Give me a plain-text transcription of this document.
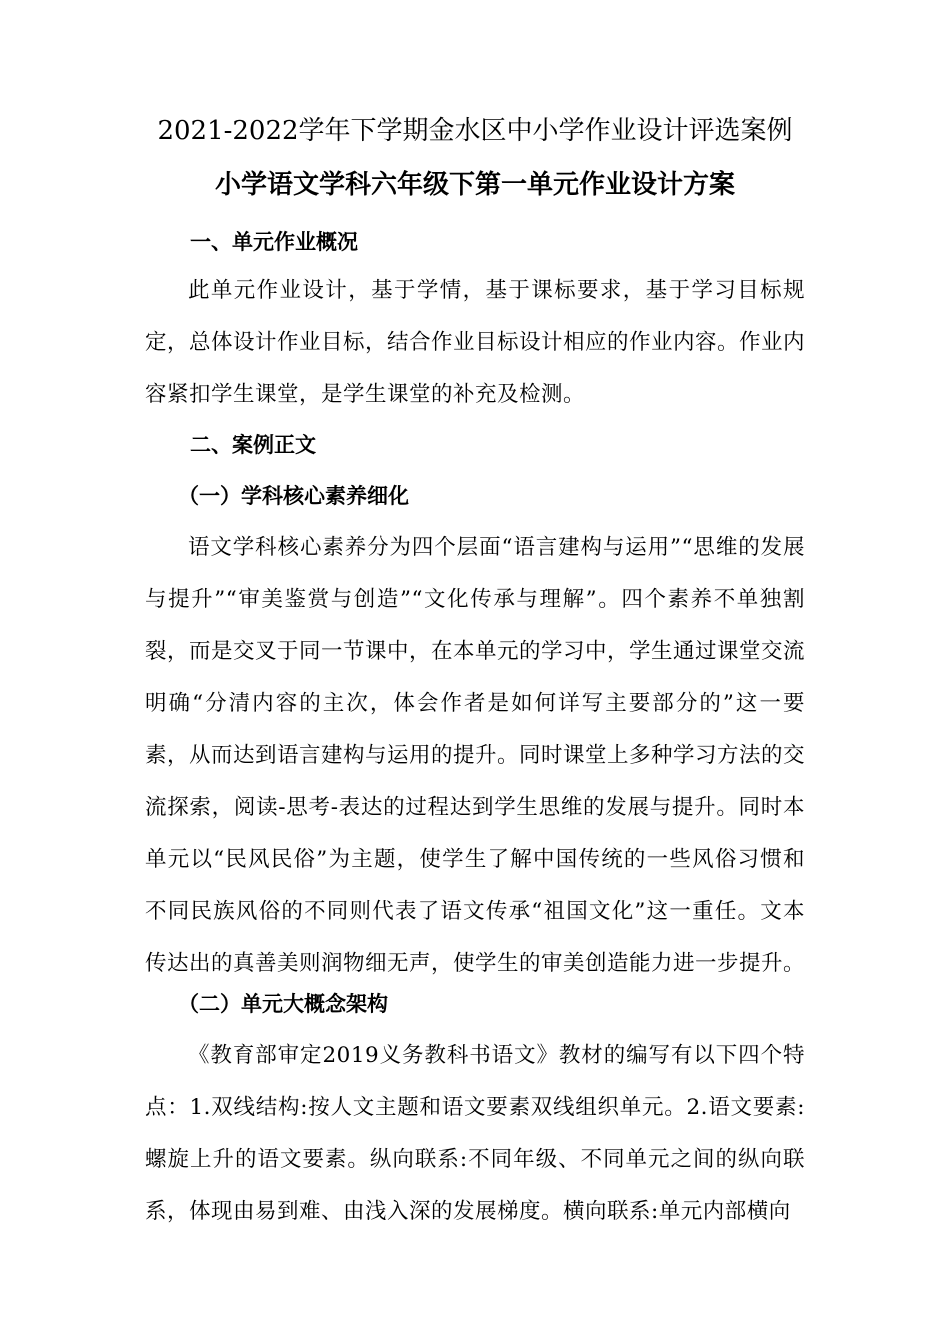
2021-2022学年下学期金水区中小学作业设计评选案例
小学语文学科六年级下第一单元作业设计方案
一、单元作业概况
此单元作业设计，基于学情，基于课标要求，基于学习目标规定，总体设计作业目标，结合作业目标设计相应的作业内容。作业内容紧扣学生课堂，是学生课堂的补充及检测。
二、案例正文
（一）学科核心素养细化
语文学科核心素养分为四个层面“语言建构与运用”“思维的发展与提升”“审美鉴赏与创造”“文化传承与理解”。四个素养不单独割裂，而是交叉于同一节课中，在本单元的学习中，学生通过课堂交流明确“分清内容的主次，体会作者是如何详写主要部分的”这一要素，从而达到语言建构与运用的提升。同时课堂上多种学习方法的交流探索，阅读-思考-表达的过程达到学生思维的发展与提升。同时本单元以“民风民俗”为主题，使学生了解中国传统的一些风俗习惯和不同民族风俗的不同则代表了语文传承“祖国文化”这一重任。文本传达出的真善美则润物细无声，使学生的审美创造能力进一步提升。
（二）单元大概念架构
《教育部审定2019义务教科书语文》教材的编写有以下四个特点：1.双线结构:按人文主题和语文要素双线组织单元。2.语文要素:螺旋上升的语文要素。纵向联系:不同年级、不同单元之间的纵向联系，体现由易到难、由浅入深的发展梯度。横向联系:单元内部横向
